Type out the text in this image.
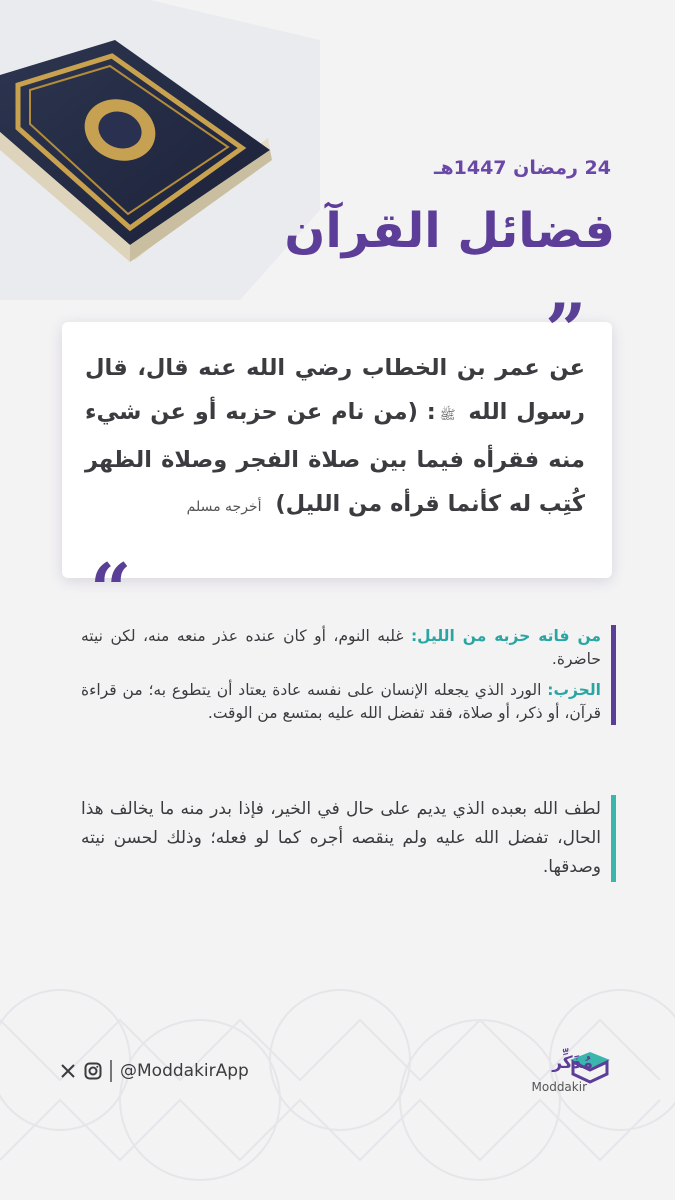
24 رمضان 1447هـ
فضائل القرآن
”
عن عمر بن الخطاب رضي الله عنه قال، قال رسول الله ﷺ: (من نام عن حزبه أو عن شيء منه فقرأه فيما بين صلاة الفجر وصلاة الظهر كُتِب له كأنما قرأه من الليل) أخرجه مسلم
“

من فاته حزبه من الليل: غلبه النوم، أو كان عنده عذر منعه منه، لكن نيته حاضرة.

الحزب: الورد الذي يجعله الإنسان على نفسه عادة يعتاد أن يتطوع به؛ من قراءة قرآن، أو ذكر، أو صلاة، فقد تفضل الله عليه بمتسع من الوقت.

لطف الله بعبده الذي يديم على حال في الخير، فإذا بدر منه ما يخالف هذا الحال، تفضل الله عليه ولم ينقصه أجره كما لو فعله؛ وذلك لحسن نيته وصدقها.
@ModdakirApp	مُذَكِّر
Moddakir
